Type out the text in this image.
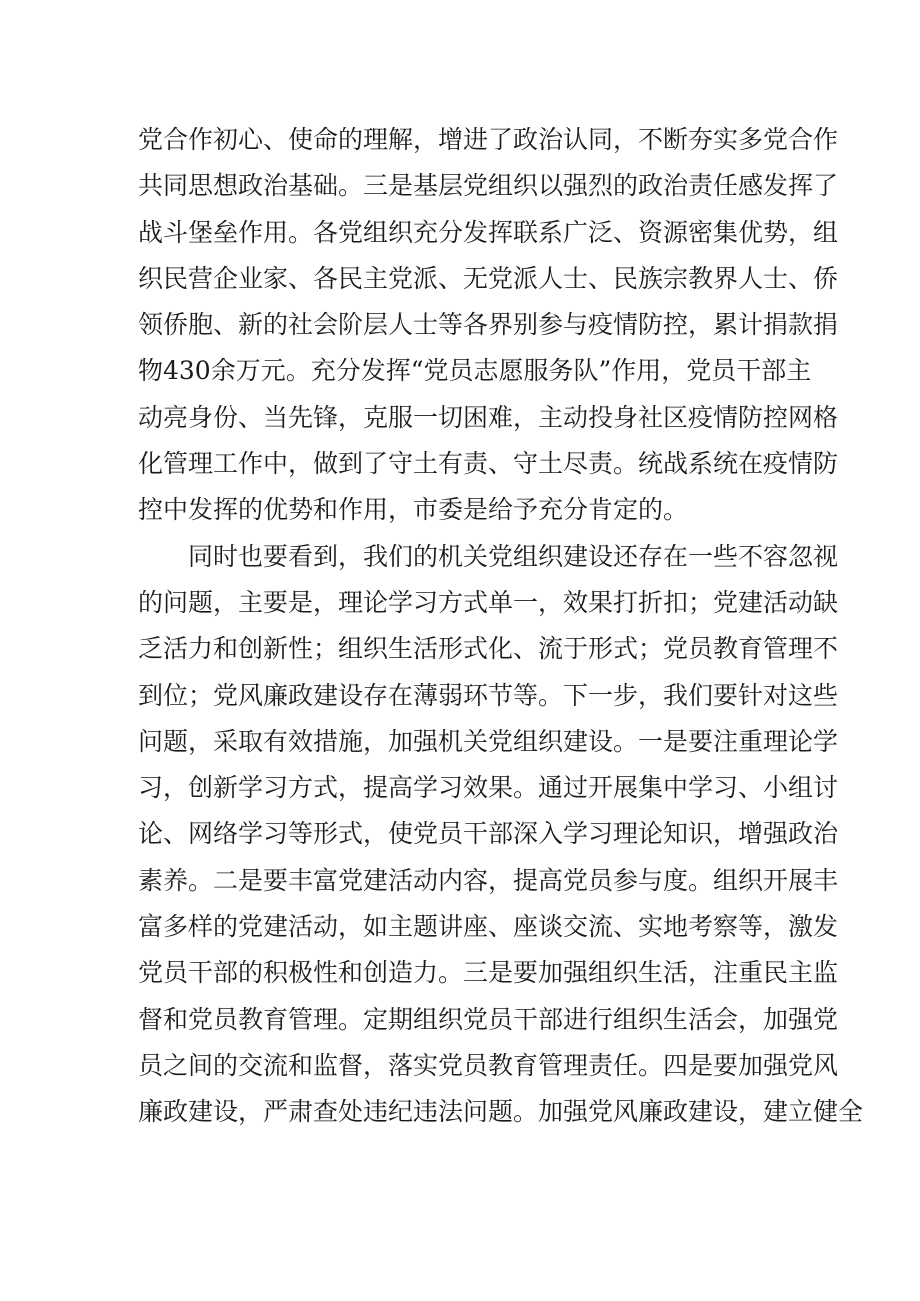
党合作初心、使命的理解，增进了政治认同，不断夯实多党合作
共同思想政治基础。三是基层党组织以强烈的政治责任感发挥了
战斗堡垒作用。各党组织充分发挥联系广泛、资源密集优势，组
织民营企业家、各民主党派、无党派人士、民族宗教界人士、侨
领侨胞、新的社会阶层人士等各界别参与疫情防控，累计捐款捐
物430余万元。充分发挥“党员志愿服务队”作用，党员干部主
动亮身份、当先锋，克服一切困难，主动投身社区疫情防控网格
化管理工作中，做到了守土有责、守土尽责。统战系统在疫情防
控中发挥的优势和作用，市委是给予充分肯定的。
同时也要看到，我们的机关党组织建设还存在一些不容忽视
的问题，主要是，理论学习方式单一，效果打折扣；党建活动缺
乏活力和创新性；组织生活形式化、流于形式；党员教育管理不
到位；党风廉政建设存在薄弱环节等。下一步，我们要针对这些
问题，采取有效措施，加强机关党组织建设。一是要注重理论学
习，创新学习方式，提高学习效果。通过开展集中学习、小组讨
论、网络学习等形式，使党员干部深入学习理论知识，增强政治
素养。二是要丰富党建活动内容，提高党员参与度。组织开展丰
富多样的党建活动，如主题讲座、座谈交流、实地考察等，激发
党员干部的积极性和创造力。三是要加强组织生活，注重民主监
督和党员教育管理。定期组织党员干部进行组织生活会，加强党
员之间的交流和监督，落实党员教育管理责任。四是要加强党风
廉政建设，严肃查处违纪违法问题。加强党风廉政建设，建立健全
